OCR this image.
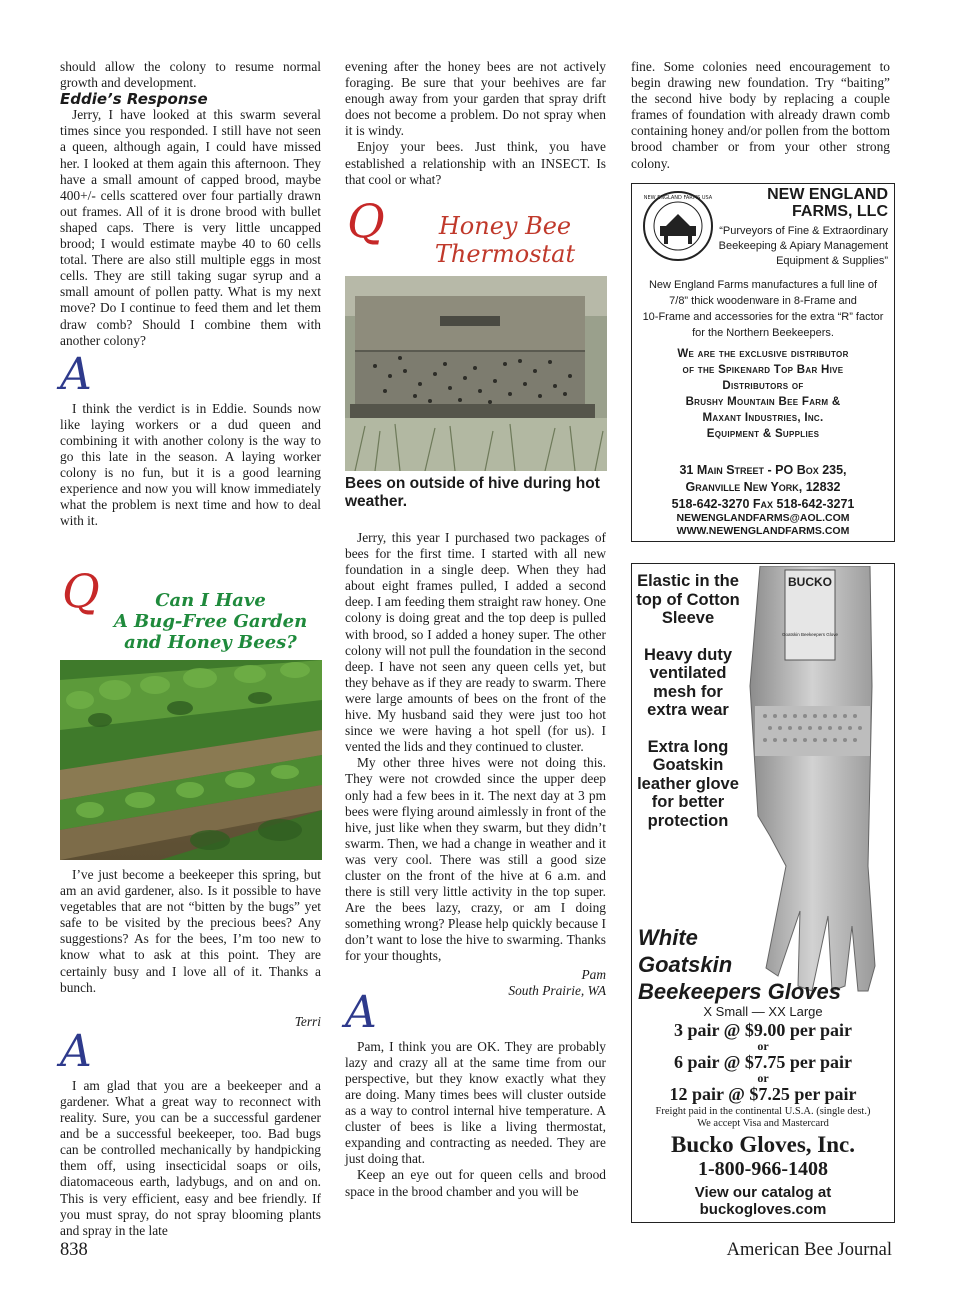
should allow the colony to resume normal growth and development.

Eddie’s Response

Jerry, I have looked at this swarm several times since you responded. I still have not seen a queen, although again, I could have missed her. I looked at them again this afternoon. They have a small amount of capped brood, maybe 400+/- cells scattered over four partially drawn out frames. All of it is drone brood with bullet shaped caps. There is very little uncapped brood; I would estimate maybe 40 to 60 cells total. There are also still multiple eggs in most cells. They are still taking sugar syrup and a small amount of pollen patty. What is my next move? Do I continue to feed them and let them draw comb? Should I combine them with another colony?

A

I think the verdict is in Eddie. Sounds now like laying workers or a dud queen and combining it with another colony is the way to go this late in the season. A laying worker colony is no fun, but it is a good learning experience and now you will know immediately what the problem is next time and how to deal with it.

Q	Can I Have
A Bug-Free Garden
and Honey Bees?

I’ve just become a beekeeper this spring, but am an avid gardener, also. Is it possible to have vegetables that are not “bitten by the bugs” yet safe to be visited by the precious bees? Any suggestions? As for the bees, I’m too new to know what to ask at this point. They are certainly busy and I love all of it. Thanks a bunch.

Terri

A

I am glad that you are a beekeeper and a gardener. What a great way to reconnect with reality. Sure, you can be a successful gardener and be a successful beekeeper, too. Bad bugs can be controlled mechanically by handpicking them off, using insecticidal soaps or oils, diatomaceous earth, ladybugs, and on and on. This is very efficient, easy and bee friendly. If you must spray, do not spray blooming plants and spray in the late

evening after the honey bees are not actively foraging. Be sure that your beehives are far enough away from your garden that spray drift does not become a problem. Do not spray when it is windy.

Enjoy your bees. Just think, you have established a relationship with an INSECT. Is that cool or what?

Q	Honey Bee
Thermostat
Bees on outside of hive during hot weather.

Jerry, this year I purchased two packages of bees for the first time. I started with all new foundation in a single deep. When they had about eight frames pulled, I added a second deep. I am feeding them straight raw honey. One colony is doing great and the top deep is pulled with brood, so I added a honey super. The other colony will not pull the foundation in the second deep. I have not seen any queen cells yet, but they behave as if they are ready to swarm. There were large amounts of bees on the front of the hive. My husband said they were just too hot since we were having a hot spell (for us). I vented the lids and they continued to cluster.

My other three hives were not doing this. They were not crowded since the upper deep only had a few bees in it. The next day at 3 pm bees were flying around aimlessly in front of the hive, just like when they swarm, but they didn’t swarm. Then, we had a change in weather and it was very cool. There was still a good size cluster on the front of the hive at 6 a.m. and there is still very little activity in the top super. Are the bees lazy, crazy, or am I doing something wrong? Please help quickly because I don’t want to lose the hive to swarming. Thanks for your thoughts,

Pam

South Prairie, WA

A

Pam, I think you are OK. They are probably lazy and crazy all at the same time from our perspective, but they know exactly what they are doing. Many times bees will cluster outside as a way to control internal hive temperature. A cluster of bees is like a living thermostat, expanding and contracting as needed. They are just doing that.

Keep an eye out for queen cells and brood space in the brood chamber and you will be

fine. Some colonies need encouragement to begin drawing new foundation. Try “baiting” the second hive body by replacing a couple frames of foundation with already drawn comb containing honey and/or pollen from the bottom brood chamber or from your other strong colony.

NEW ENGLAND FARMS USA	NEW ENGLAND
FARMS, LLC
“Purveyors of Fine & Extraordinary
Beekeeping & Apiary Management
Equipment & Supplies”
New England Farms manufactures a full line of
7/8” thick woodenware in 8-Frame and
10-Frame and accessories for the extra “R” factor
for the Northern Beekeepers.
We are the exclusive distributor
of the Spikenard Top Bar Hive
Distributors of
Brushy Mountain Bee Farm &
Maxant Industries, Inc.
Equipment & Supplies
31 Main Street - PO Box 235,
Granville New York, 12832
518-642-3270 Fax 518-642-3271
NEWENGLANDFARMS@AOL.COM
WWW.NEWENGLANDFARMS.COM
BUCKO
Goatskin Beekeepers Glove
Elastic in the top of Cotton Sleeve
Heavy duty ventilated mesh for extra wear
Extra long Goatskin leather glove for better protection
White
Goatskin
Beekeepers Gloves
X Small — XX Large
3 pair @ $9.00 per pair
or
6 pair @ $7.75 per pair
or
12 pair @ $7.25 per pair
Freight paid in the continental U.S.A. (single dest.)
We accept Visa and Mastercard
Bucko Gloves, Inc.
1-800-966-1408
View our catalog at
buckogloves.com
838	American Bee Journal
